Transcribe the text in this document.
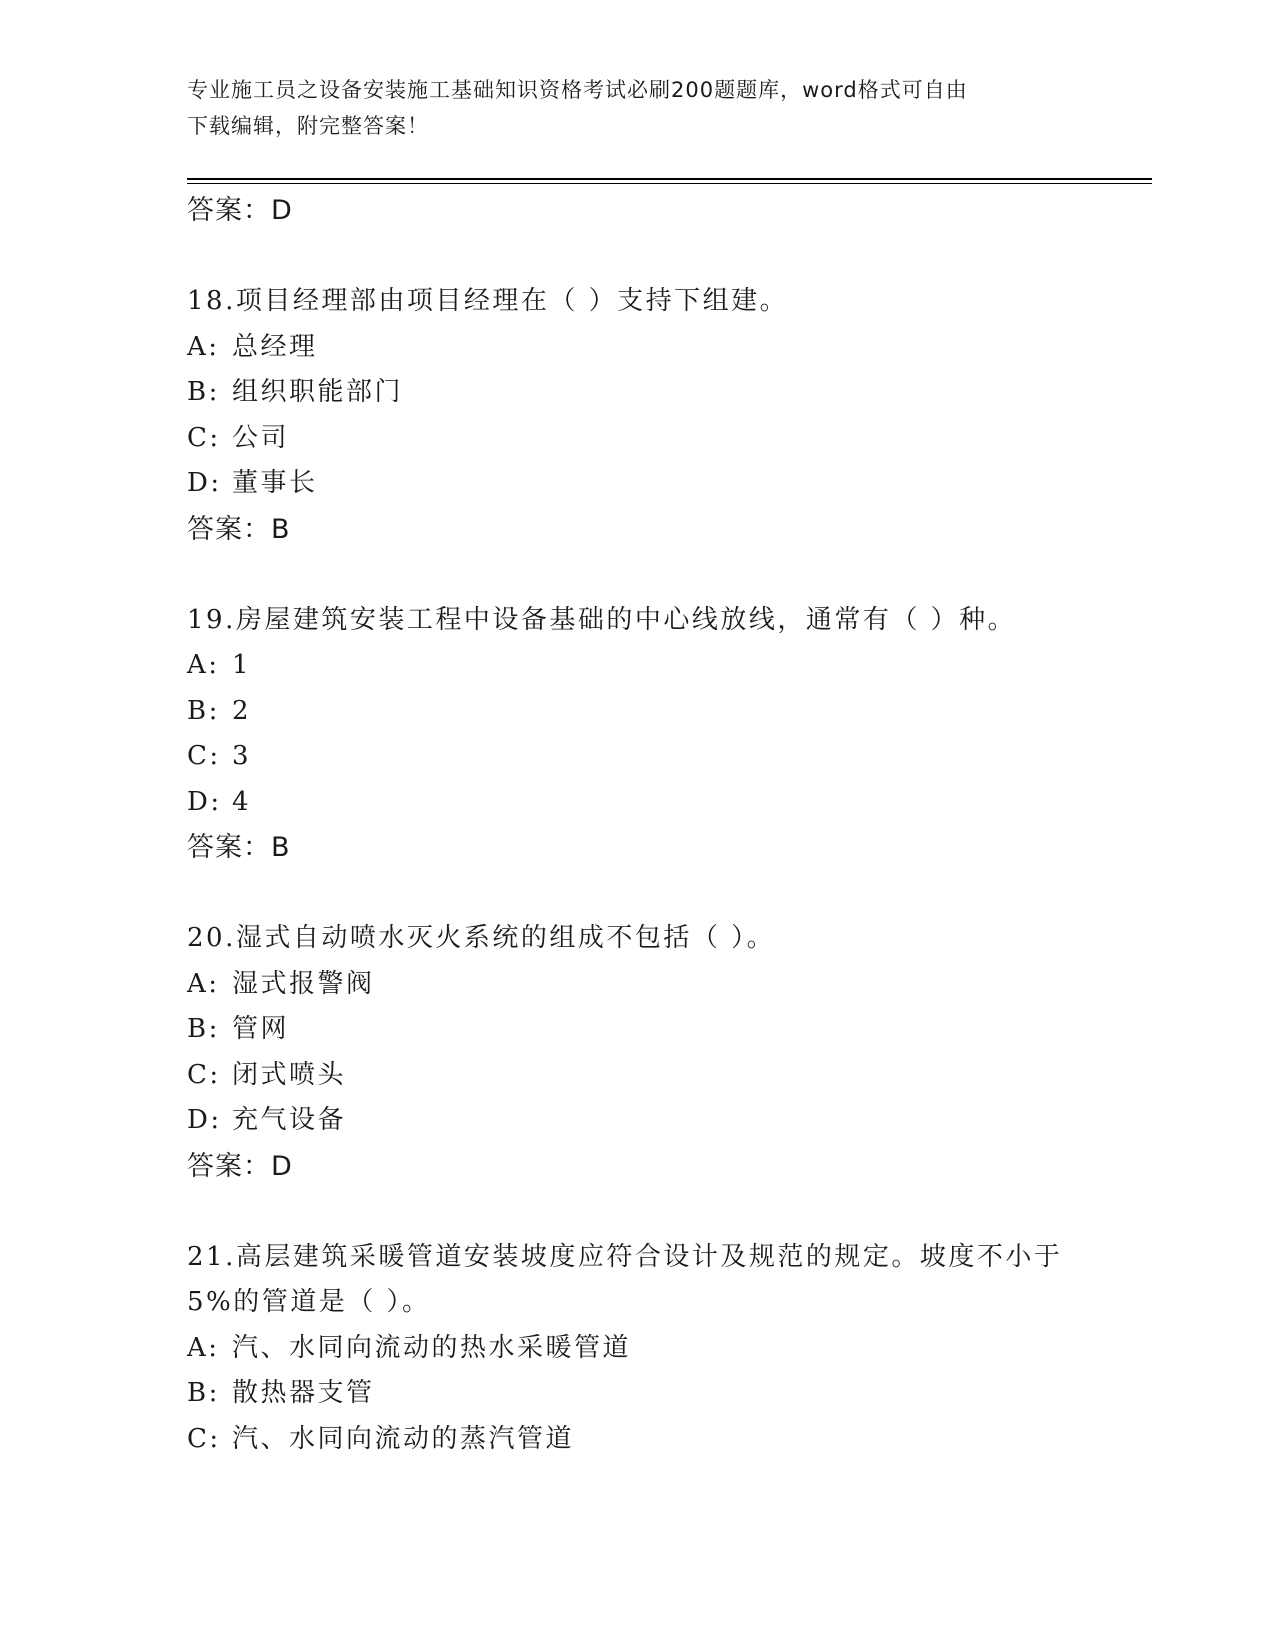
专业施工员之设备安装施工基础知识资格考试必刷200题题库，word格式可自由
下载编辑，附完整答案！

答案：D

18.项目经理部由项目经理在（ ）支持下组建。

A: 总经理
B: 组织职能部门
C: 公司
D: 董事长

答案：B

19.房屋建筑安装工程中设备基础的中心线放线，通常有（ ）种。

A: 1
B: 2
C: 3
D: 4

答案：B

20.湿式自动喷水灭火系统的组成不包括（ ）。

A: 湿式报警阀
B: 管网
C: 闭式喷头
D: 充气设备

答案：D

21.高层建筑采暖管道安装坡度应符合设计及规范的规定。坡度不小于

5%的管道是（ ）。

A: 汽、水同向流动的热水采暖管道
B: 散热器支管
C: 汽、水同向流动的蒸汽管道
